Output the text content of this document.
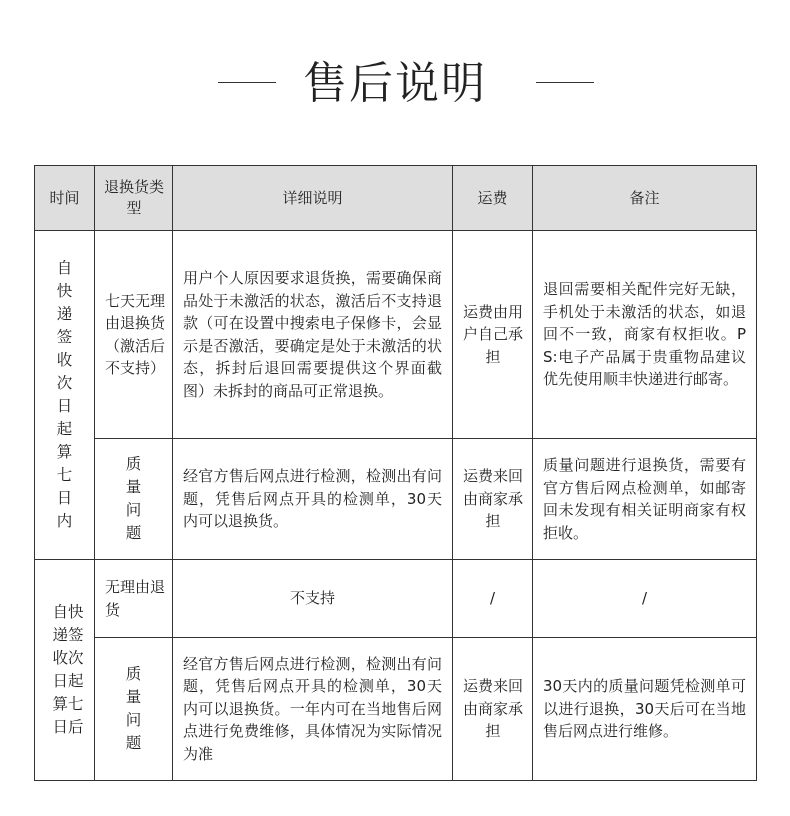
售后说明
时间	退换货类型	详细说明	运费	备注
自快递签收次日起算七日内	七天无理由退换货（激活后不支持）	用户个人原因要求退货换，需要确保商品处于未激活的状态，激活后不支持退款（可在设置中搜索电子保修卡，会显示是否激活，要确定是处于未激活的状态，拆封后退回需要提供这个界面截图）未拆封的商品可正常退换。	运费由用户自己承担	退回需要相关配件完好无缺，手机处于未激活的状态，如退回不一致，商家有权拒收。PS:电子产品属于贵重物品建议优先使用顺丰快递进行邮寄。

	质量问题	经官方售后网点进行检测，检测出有问题，凭售后网点开具的检测单，30天内可以退换货。	运费来回由商家承担	质量问题进行退换货，需要有官方售后网点检测单，如邮寄回未发现有相关证明商家有权拒收。

自快递签收次日起算七日后	无理由退货	不支持	/	/
	质量问题	经官方售后网点进行检测，检测出有问题，凭售后网点开具的检测单，30天内可以退换货。一年内可在当地售后网点进行免费维修，具体情况为实际情况为准	运费来回由商家承担	30天内的质量问题凭检测单可以进行退换，30天后可在当地售后网点进行维修。
